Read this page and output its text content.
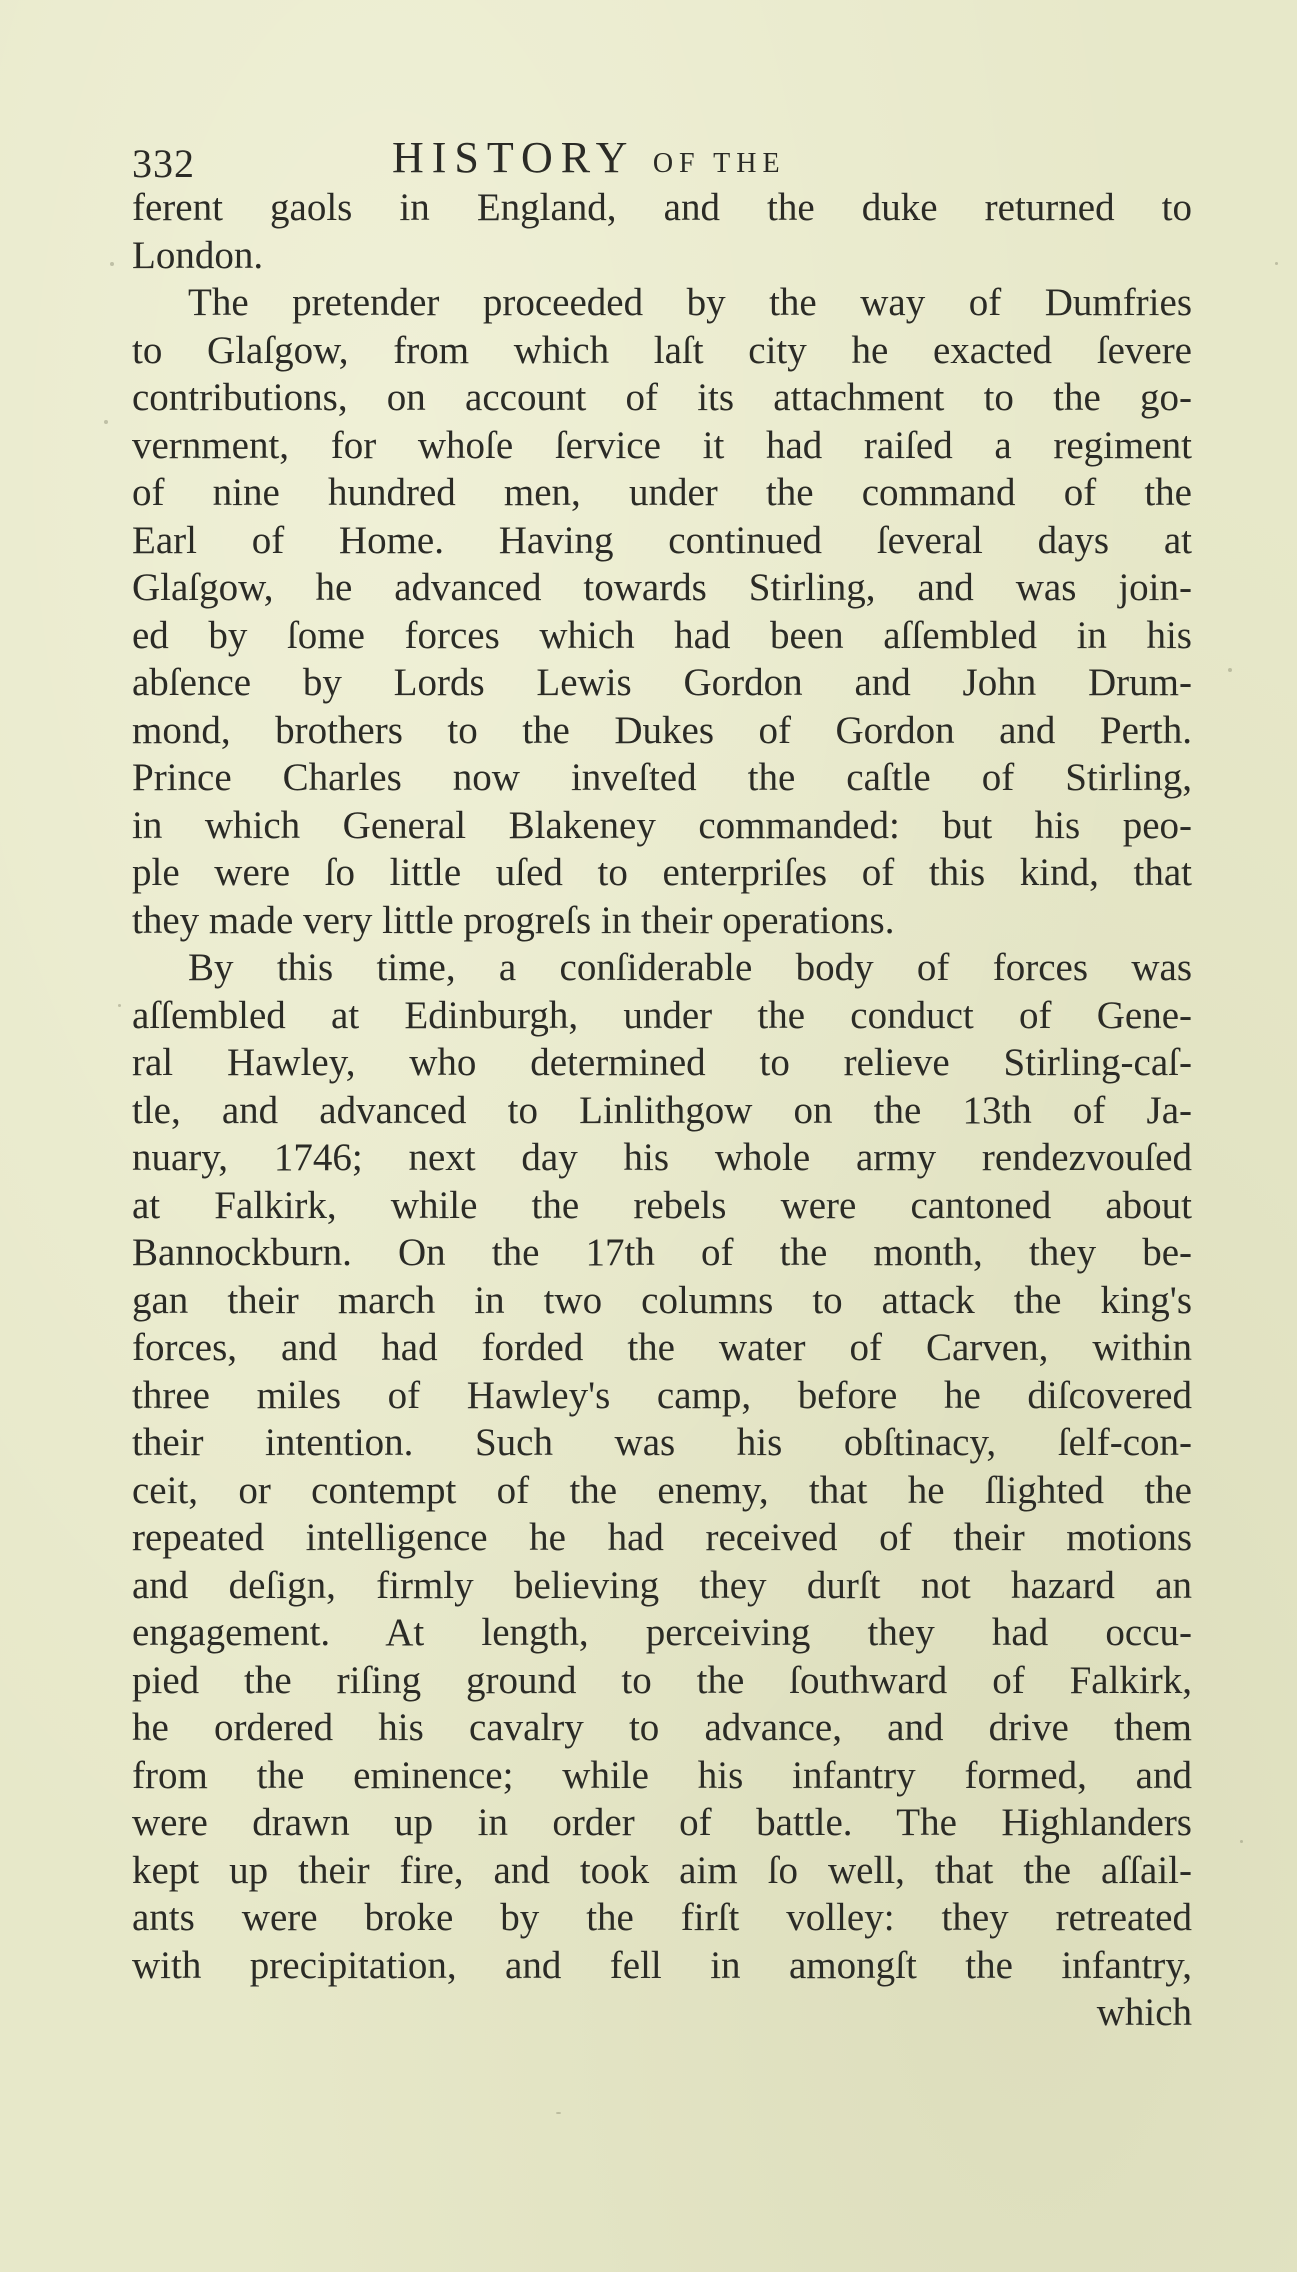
332	HISTORY OF THE
ferent gaols in England, and the duke returned to
London.
The pretender proceeded by the way of Dumfries
to Glaſgow, from which laſt city he exacted ſevere
contributions, on account of its attachment to the go-
vernment, for whoſe ſervice it had raiſed a regiment
of nine hundred men, under the command of the
Earl of Home. Having continued ſeveral days at
Glaſgow, he advanced towards Stirling, and was join-
ed by ſome forces which had been aſſembled in his
abſence by Lords Lewis Gordon and John Drum-
mond, brothers to the Dukes of Gordon and Perth.
Prince Charles now inveſted the caſtle of Stirling,
in which General Blakeney commanded: but his peo-
ple were ſo little uſed to enterpriſes of this kind, that
they made very little progreſs in their operations.
By this time, a conſiderable body of forces was
aſſembled at Edinburgh, under the conduct of Gene-
ral Hawley, who determined to relieve Stirling-caſ-
tle, and advanced to Linlithgow on the 13th of Ja-
nuary, 1746; next day his whole army rendezvouſed
at Falkirk, while the rebels were cantoned about
Bannockburn. On the 17th of the month, they be-
gan their march in two columns to attack the king's
forces, and had forded the water of Carven, within
three miles of Hawley's camp, before he diſcovered
their intention. Such was his obſtinacy, ſelf-con-
ceit, or contempt of the enemy, that he ſlighted the
repeated intelligence he had received of their motions
and deſign, firmly believing they durſt not hazard an
engagement. At length, perceiving they had occu-
pied the riſing ground to the ſouthward of Falkirk,
he ordered his cavalry to advance, and drive them
from the eminence; while his infantry formed, and
were drawn up in order of battle. The Highlanders
kept up their fire, and took aim ſo well, that the aſſail-
ants were broke by the firſt volley: they retreated
with precipitation, and fell in amongſt the infantry,
which
